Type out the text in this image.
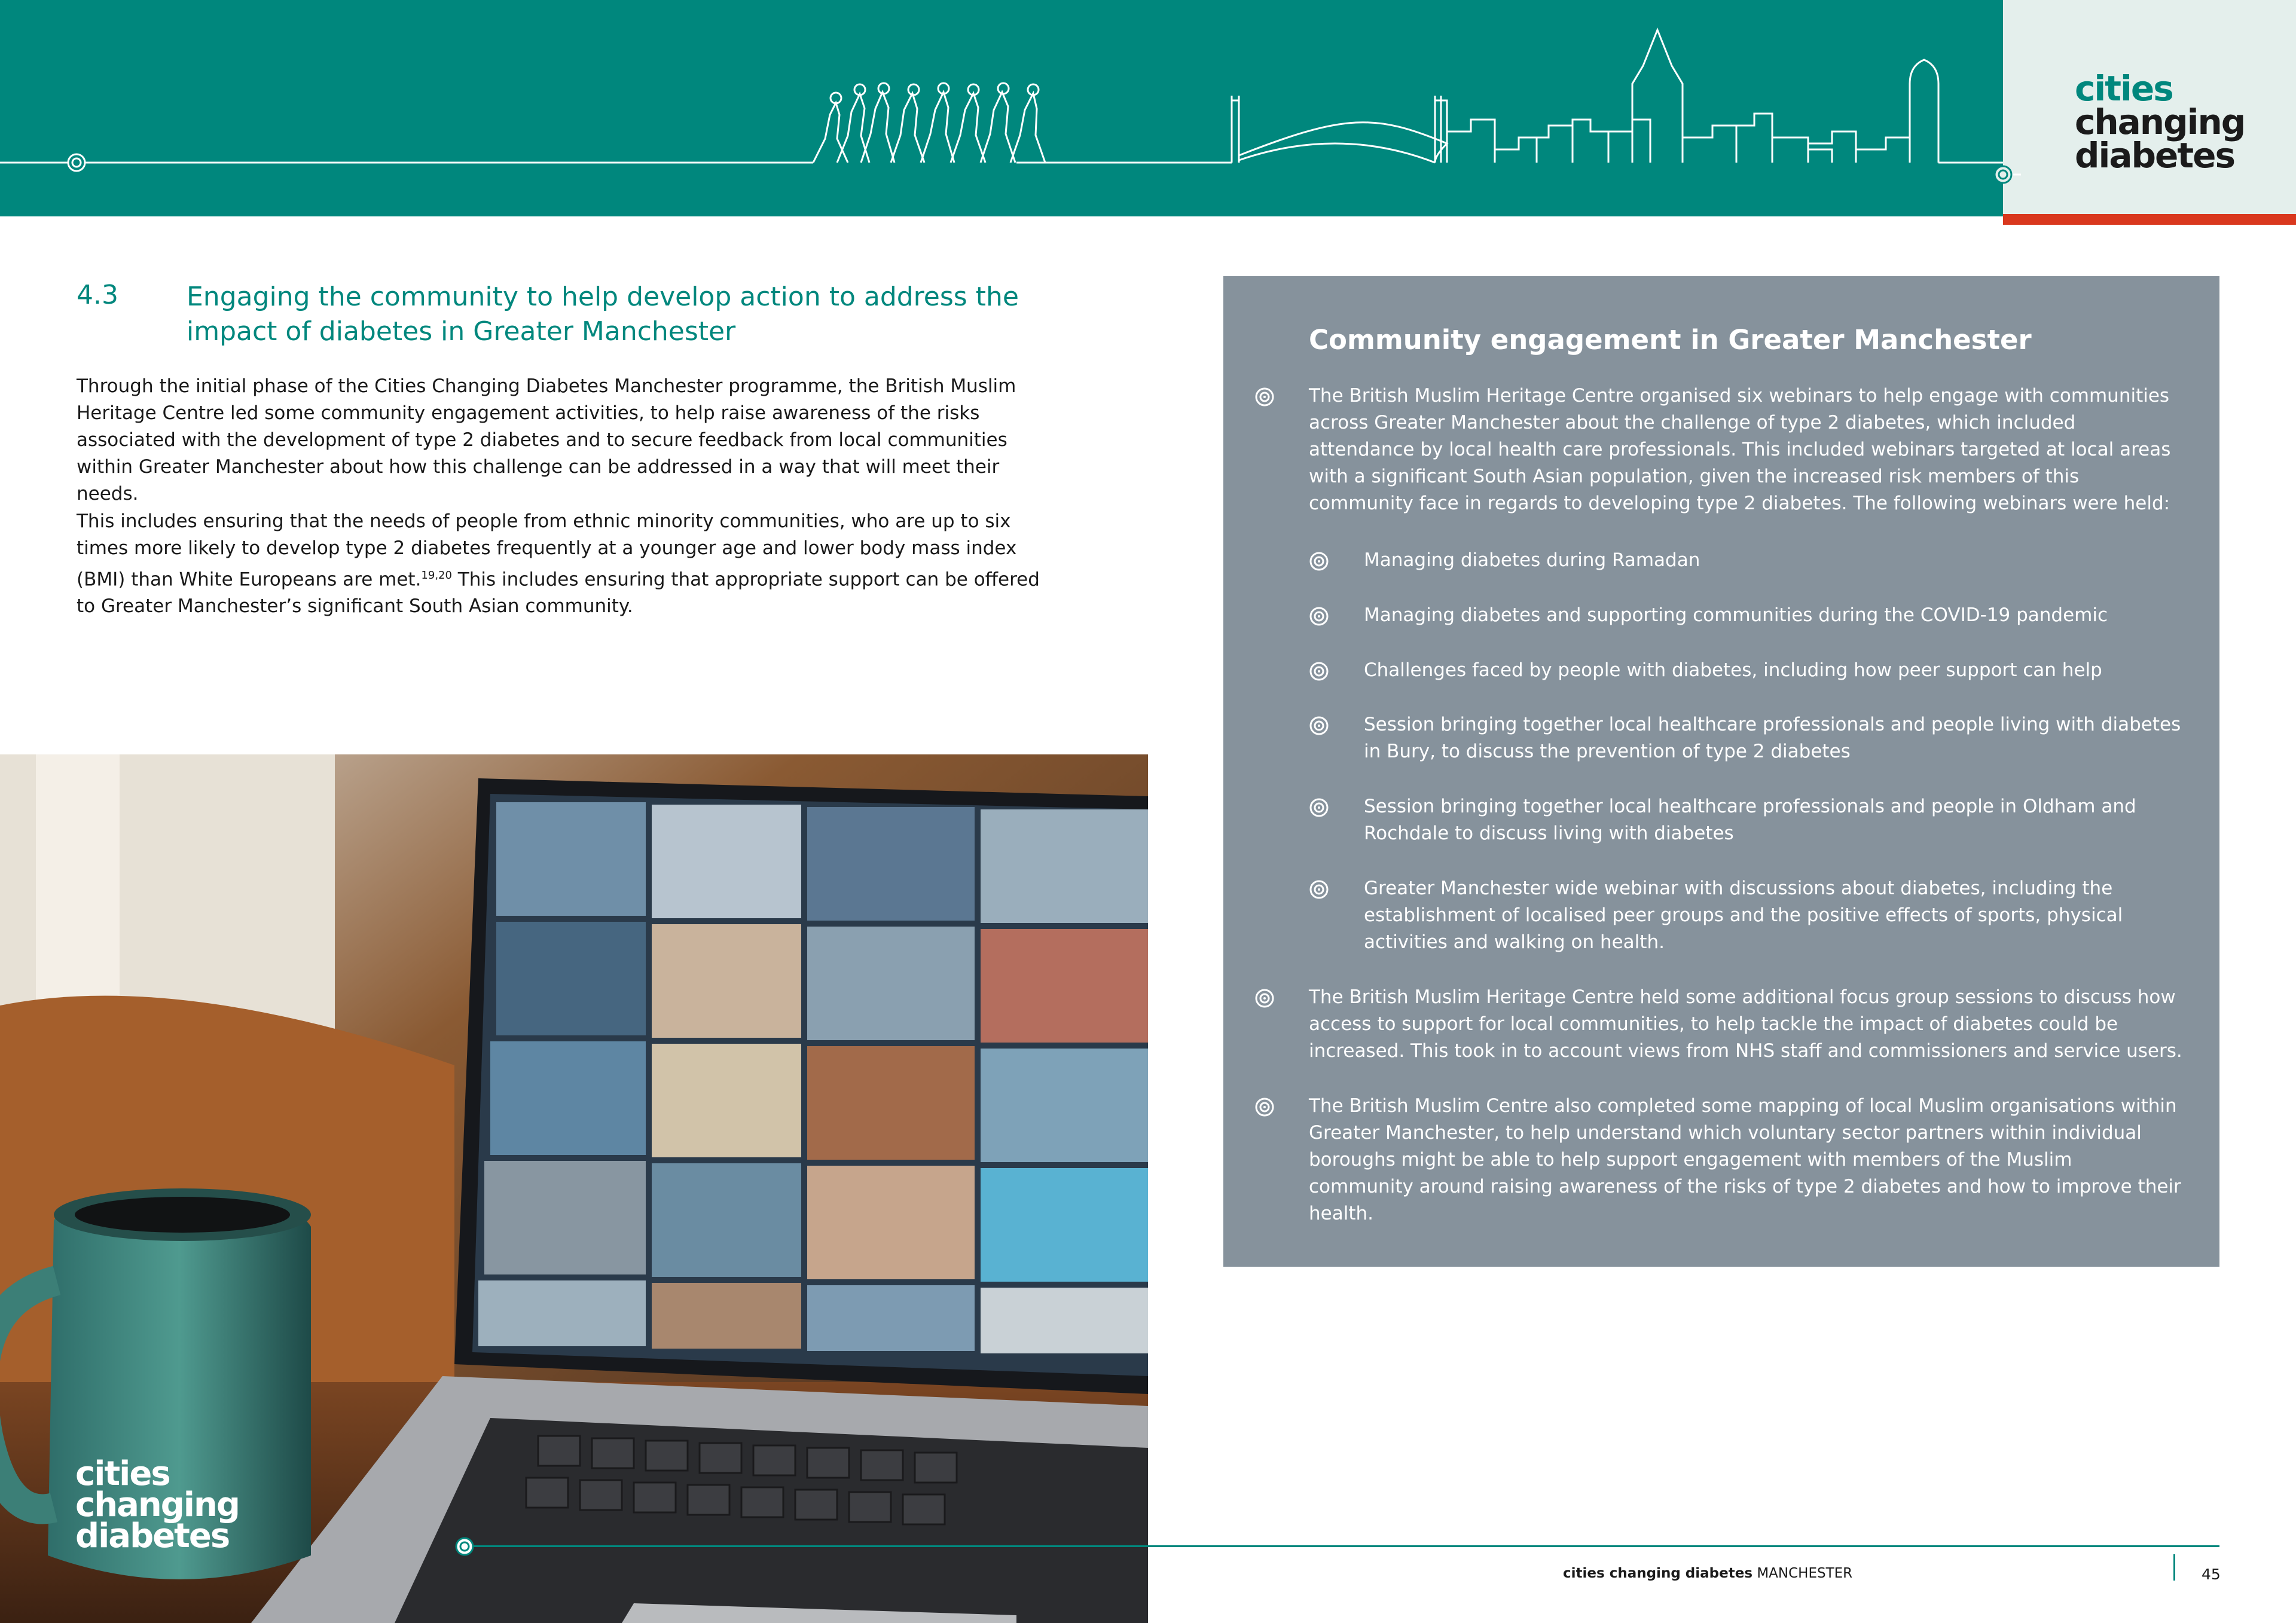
cities
changing
diabetes
4.3	Engaging the community to help develop action to address the impact of diabetes in Greater Manchester

Through the initial phase of the Cities Changing Diabetes Manchester programme, the British Muslim Heritage Centre led some community engagement activities, to help raise awareness of the risks associated with the development of type 2 diabetes and to secure feedback from local communities within Greater Manchester about how this challenge can be addressed in a way that will meet their needs.

This includes ensuring that the needs of people from ethnic minority communities, who are up to six times more likely to develop type 2 diabetes frequently at a younger age and lower body mass index (BMI) than White Europeans are met.$^{19,20}$ This includes ensuring that appropriate support can be offered to Greater Manchester’s significant South Asian community.

cities
changing
diabetes
Community engagement in Greater Manchester
The British Muslim Heritage Centre organised six webinars to help engage with communities across Greater Manchester about the challenge of type 2 diabetes, which included attendance by local health care professionals. This included webinars targeted at local areas with a significant South Asian population, given the increased risk members of this community face in regards to developing type 2 diabetes. The following webinars were held:
Managing diabetes during Ramadan
Managing diabetes and supporting communities during the COVID-19 pandemic
Challenges faced by people with diabetes, including how peer support can help
Session bringing together local healthcare professionals and people living with diabetes in Bury, to discuss the prevention of type 2 diabetes
Session bringing together local healthcare professionals and people in Oldham and Rochdale to discuss living with diabetes
Greater Manchester wide webinar with discussions about diabetes, including the establishment of localised peer groups and the positive effects of sports, physical activities and walking on health.
The British Muslim Heritage Centre held some additional focus group sessions to discuss how access to support for local communities, to help tackle the impact of diabetes could be increased. This took in to account views from NHS staff and commissioners and service users.
The British Muslim Centre also completed some mapping of local Muslim organisations within Greater Manchester, to help understand which voluntary sector partners within individual boroughs might be able to help support engagement with members of the Muslim community around raising awareness of the risks of type 2 diabetes and how to improve their health.
cities changing diabetes MANCHESTER	45
